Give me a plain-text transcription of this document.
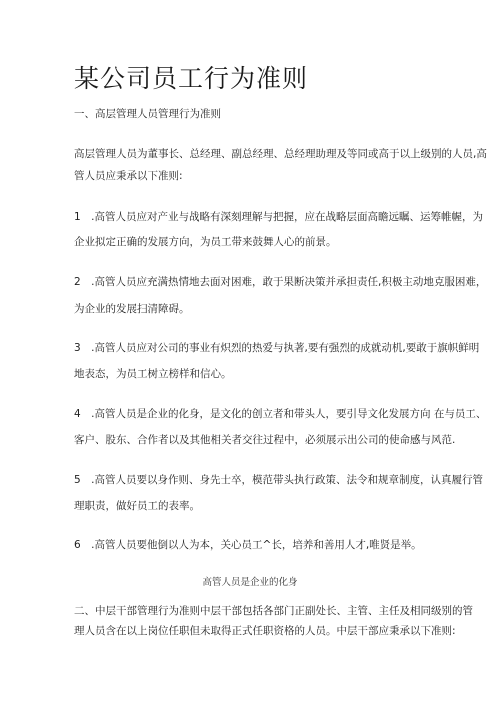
某公司员工行为准则
一、高层管理人员管理行为准则
高层管理人员为董事长、总经理、副总经理、总经理助理及等同或高于以上级别的人员,高
管人员应秉承以下准则:
1　.高管人员应对产业与战略有深刻理解与把握，应在战略层面高瞻远瞩、运筹帷幄，为
企业拟定正确的发展方向，为员工带来鼓舞人心的前景。
2　.高管人员应充满热情地去面对困难，敢于果断决策并承担责任,积极主动地克服困难，
为企业的发展扫清障碍。
3　.高管人员应对公司的事业有炽烈的热爱与执著,要有强烈的成就动机,要敢于旗帜鲜明
地表态，为员工树立榜样和信心。
4　.高管人员是企业的化身，是文化的创立者和带头人，要引导文化发展方向 在与员工、
客户、股东、合作者以及其他相关者交往过程中，必须展示出公司的使命感与风范.
5　.高管人员要以身作则、身先士卒，模范带头执行政策、法令和规章制度，认真履行管
理职责，做好员工的表率。
6　.高管人员要他倒以人为本，关心员工^长，培养和善用人才,唯贤是举。
高管人员是企业的化身
二、中层干部管理行为准则中层干部包括各部门正副处长、主管、主任及相同级别的管
理人员含在以上岗位任职但未取得正式任职资格的人员。中层干部应秉承以下准则:
